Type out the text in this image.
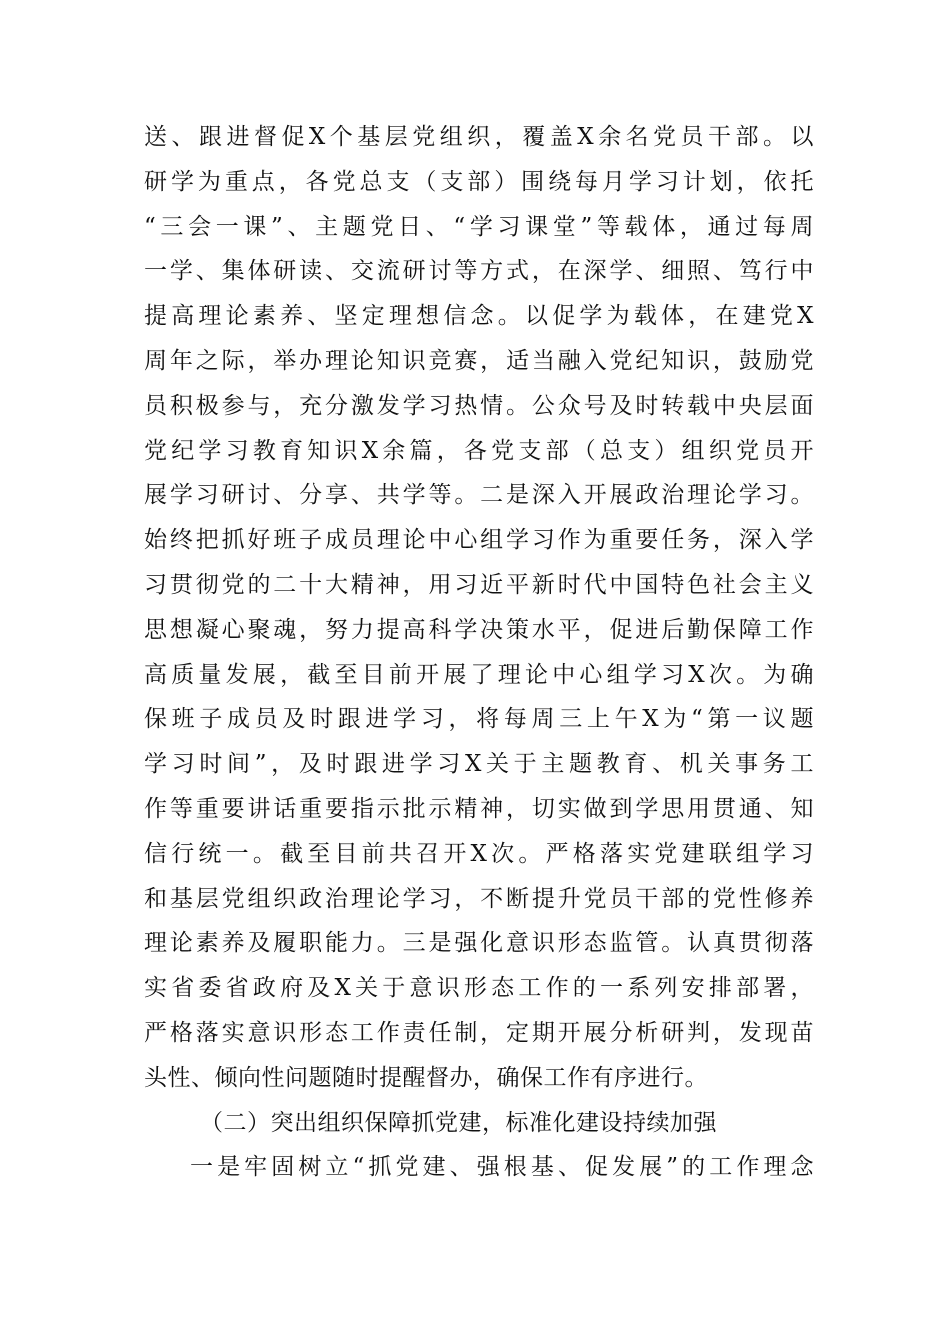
送、跟进督促X个基层党组织，覆盖X余名党员干部。以
研学为重点，各党总支（支部）围绕每月学习计划，依托
“三会一课”、主题党日、“学习课堂”等载体，通过每周
一学、集体研读、交流研讨等方式，在深学、细照、笃行中
提高理论素养、坚定理想信念。以促学为载体，在建党X
周年之际，举办理论知识竞赛，适当融入党纪知识，鼓励党
员积极参与，充分激发学习热情。公众号及时转载中央层面
党纪学习教育知识X余篇，各党支部（总支）组织党员开
展学习研讨、分享、共学等。二是深入开展政治理论学习。
始终把抓好班子成员理论中心组学习作为重要任务，深入学
习贯彻党的二十大精神，用习近平新时代中国特色社会主义
思想凝心聚魂，努力提高科学决策水平，促进后勤保障工作
高质量发展，截至目前开展了理论中心组学习X次。为确
保班子成员及时跟进学习，将每周三上午X为“第一议题
学习时间”，及时跟进学习X关于主题教育、机关事务工
作等重要讲话重要指示批示精神，切实做到学思用贯通、知
信行统一。截至目前共召开X次。严格落实党建联组学习
和基层党组织政治理论学习，不断提升党员干部的党性修养
理论素养及履职能力。三是强化意识形态监管。认真贯彻落
实省委省政府及X关于意识形态工作的一系列安排部署，
严格落实意识形态工作责任制，定期开展分析研判，发现苗
头性、倾向性问题随时提醒督办，确保工作有序进行。
（二）突出组织保障抓党建，标准化建设持续加强
一是牢固树立“抓党建、强根基、促发展”的工作理念
